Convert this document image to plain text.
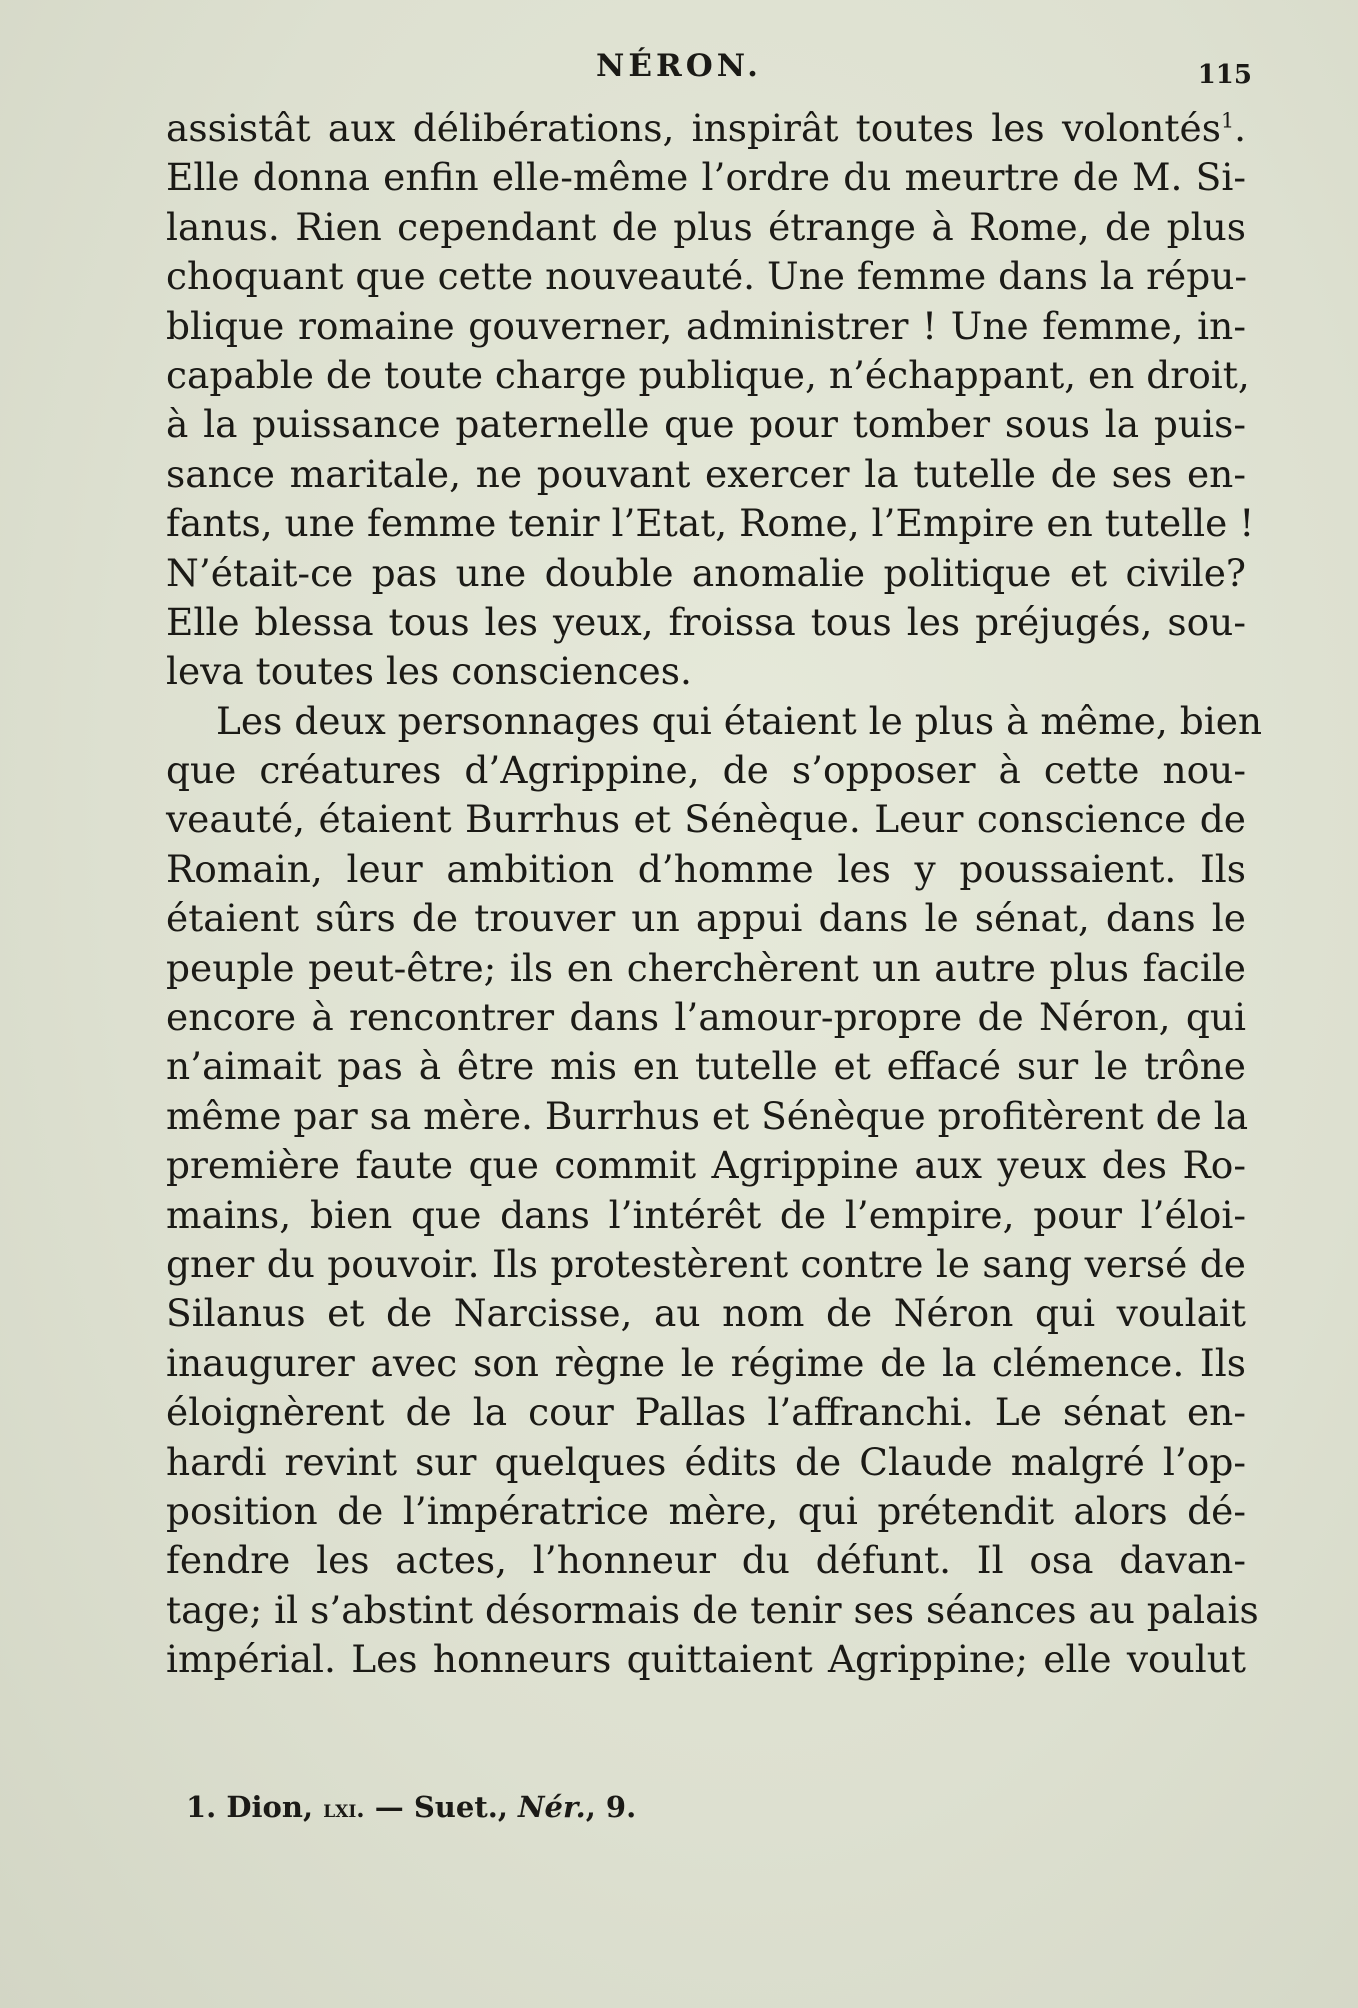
NÉRON.	115
assistât aux délibérations, inspirât toutes les volontés$^1$.
Elle donna enfin elle-même l’ordre du meurtre de M. Si-
lanus. Rien cependant de plus étrange à Rome, de plus
choquant que cette nouveauté. Une femme dans la répu-
blique romaine gouverner, administrer ! Une femme, in-
capable de toute charge publique, n’échappant, en droit,
à la puissance paternelle que pour tomber sous la puis-
sance maritale, ne pouvant exercer la tutelle de ses en-
fants, une femme tenir l’Etat, Rome, l’Empire en tutelle !
N’était-ce pas une double anomalie politique et civile?
Elle blessa tous les yeux, froissa tous les préjugés, sou-
leva toutes les consciences.
Les deux personnages qui étaient le plus à même, bien
que créatures d’Agrippine, de s’opposer à cette nou-
veauté, étaient Burrhus et Sénèque. Leur conscience de
Romain, leur ambition d’homme les y poussaient. Ils
étaient sûrs de trouver un appui dans le sénat, dans le
peuple peut-être; ils en cherchèrent un autre plus facile
encore à rencontrer dans l’amour-propre de Néron, qui
n’aimait pas à être mis en tutelle et effacé sur le trône
même par sa mère. Burrhus et Sénèque profitèrent de la
première faute que commit Agrippine aux yeux des Ro-
mains, bien que dans l’intérêt de l’empire, pour l’éloi-
gner du pouvoir. Ils protestèrent contre le sang versé de
Silanus et de Narcisse, au nom de Néron qui voulait
inaugurer avec son règne le régime de la clémence. Ils
éloignèrent de la cour Pallas l’affranchi. Le sénat en-
hardi revint sur quelques édits de Claude malgré l’op-
position de l’impératrice mère, qui prétendit alors dé-
fendre les actes, l’honneur du défunt. Il osa davan-
tage; il s’abstint désormais de tenir ses séances au palais
impérial. Les honneurs quittaient Agrippine; elle voulut
1. Dion, lxi. — Suet., Nér., 9.
